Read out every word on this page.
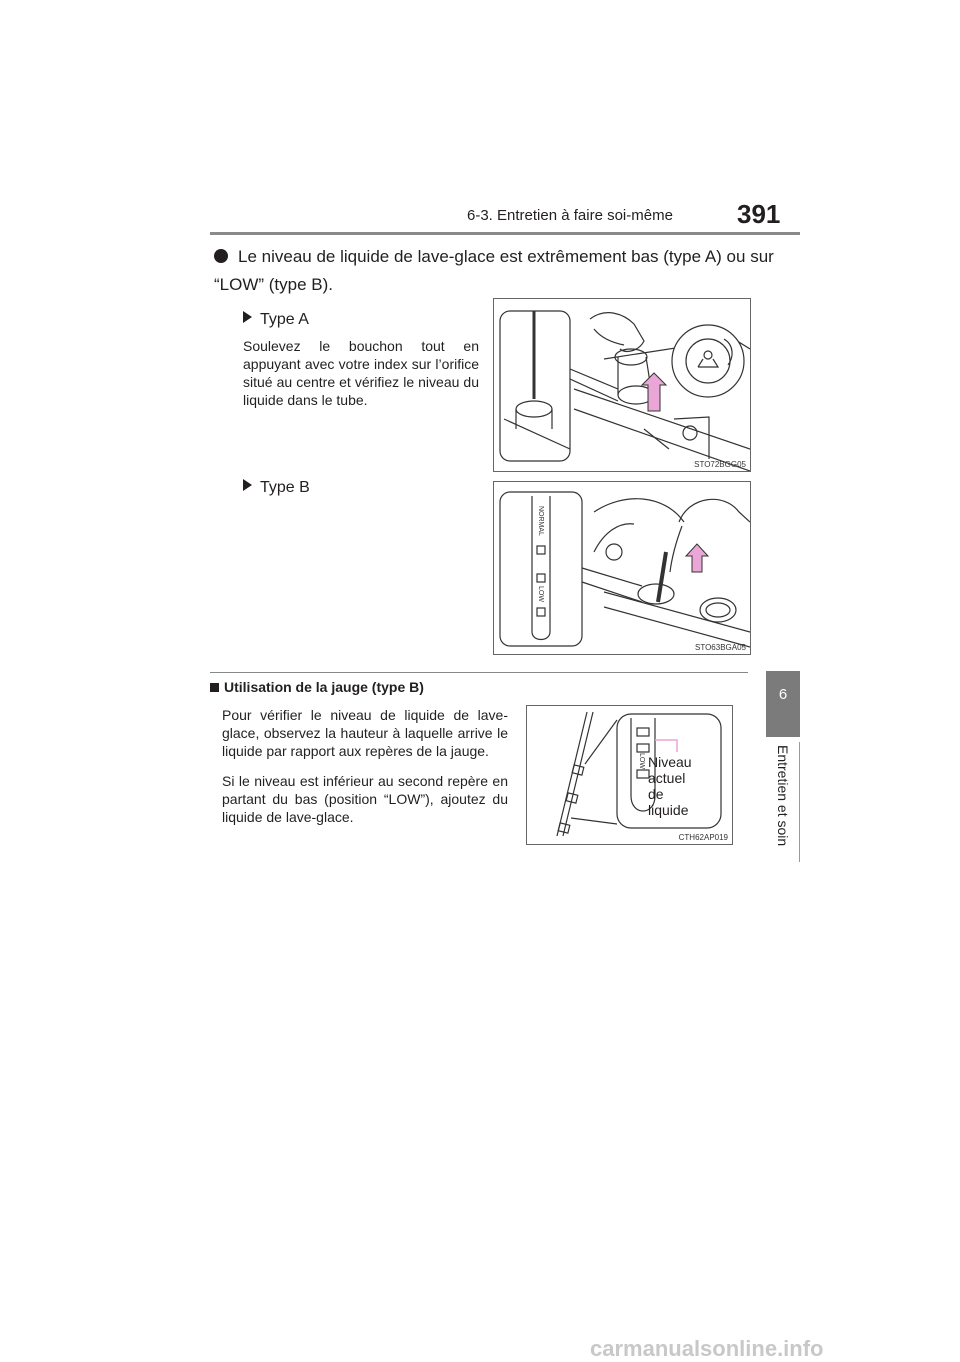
6-3. Entretien à faire soi-même 391
6
Entretien et soin
Le niveau de liquide de lave-glace est extrêmement bas (type A) ou sur “LOW” (type B).
Type A
Soulevez le bouchon tout en appuyant avec votre index sur l’orifice situé au centre et vérifiez le niveau du liquide dans le tube.
STO72BGG05
Type B
NORMAL
LOW
STO63BGA05
Utilisation de la jauge (type B)
Pour vérifier le niveau de liquide de lave-glace, observez la hauteur à laquelle arrive le liquide par rapport aux repères de la jauge.
Si le niveau est inférieur au second repère en partant du bas (position “LOW”), ajoutez du liquide de lave-glace.
LOW
CTH62AP019
Niveau
actuel
de
liquide
carmanualsonline.info
